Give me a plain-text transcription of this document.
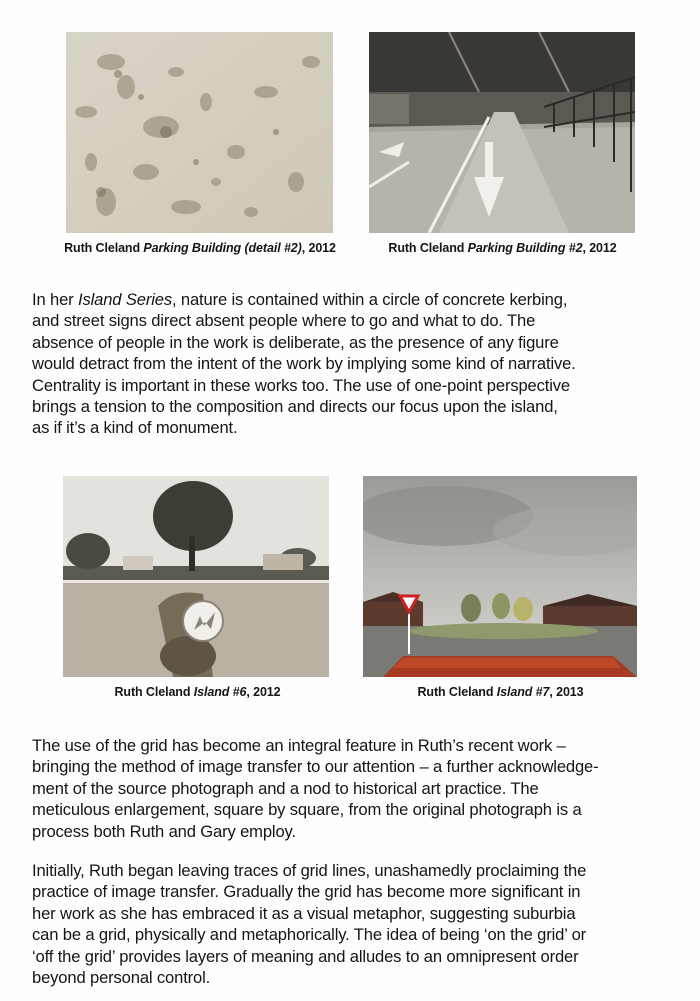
Ruth Cleland Parking Building (detail #2), 2012	Ruth Cleland Parking Building #2, 2012

In her Island Series, nature is contained within a circle of concrete kerbing,
and street signs direct absent people where to go and what to do. The
absence of people in the work is deliberate, as the presence of any figure
would detract from the intent of the work by implying some kind of narrative.
Centrality is important in these works too. The use of one-point perspective
brings a tension to the composition and directs our focus upon the island,
as if it’s a kind of monument.

Ruth Cleland Island #6, 2012	Ruth Cleland Island #7, 2013

The use of the grid has become an integral feature in Ruth’s recent work –
bringing the method of image transfer to our attention – a further acknowledge-
ment of the source photograph and a nod to historical art practice. The
meticulous enlargement, square by square, from the original photograph is a
process both Ruth and Gary employ.

Initially, Ruth began leaving traces of grid lines, unashamedly proclaiming the
practice of image transfer. Gradually the grid has become more significant in
her work as she has embraced it as a visual metaphor, suggesting suburbia
can be a grid, physically and metaphorically. The idea of being ‘on the grid’ or
‘off the grid’ provides layers of meaning and alludes to an omnipresent order
beyond personal control.
